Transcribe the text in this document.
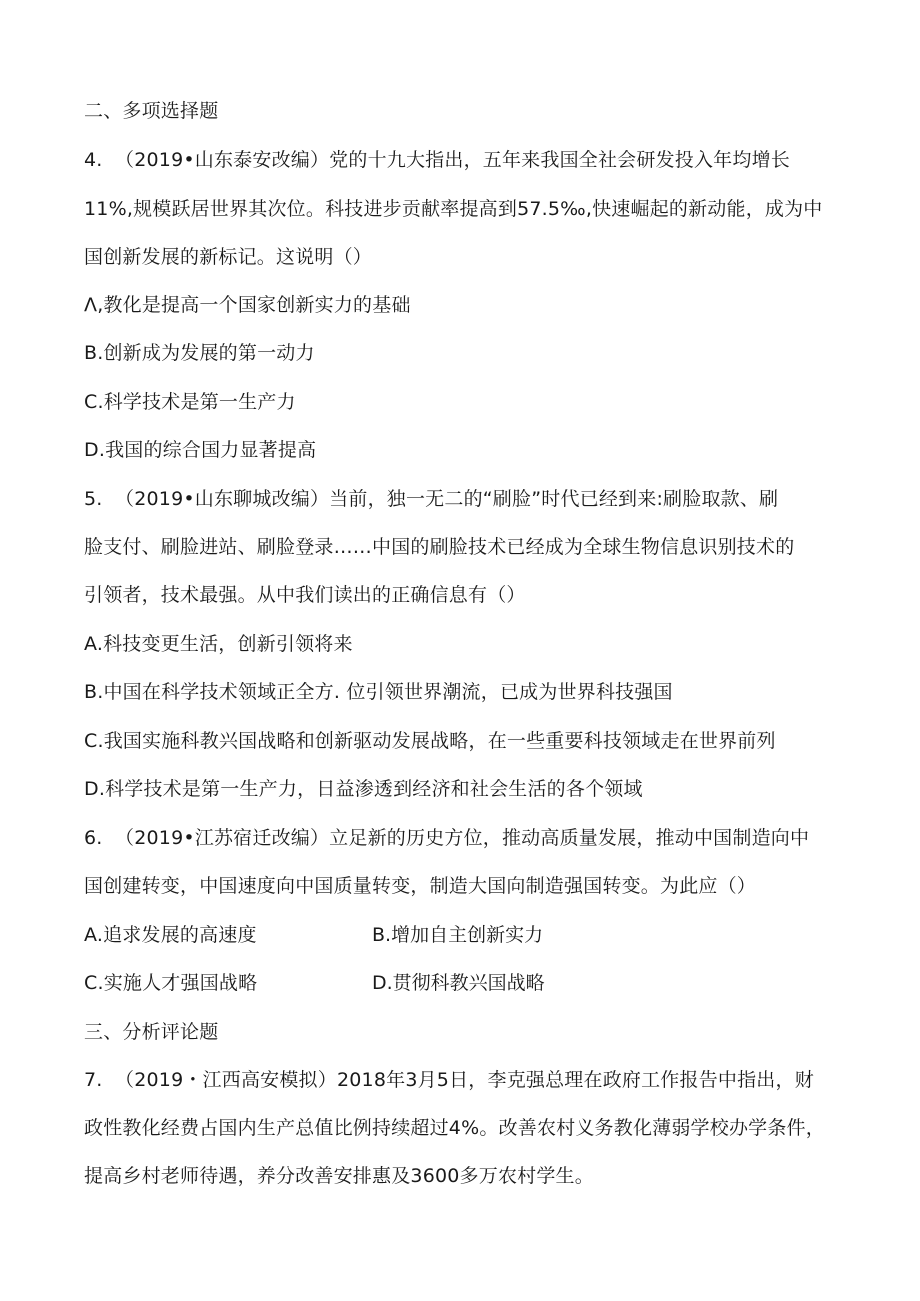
二、多项选择题
4.  （2019•山东泰安改编）党的十九大指出，五年来我国全社会研发投入年均增长
11%,规模跃居世界其次位。科技进步贡献率提高到57.5‰,快速崛起的新动能，成为中
国创新发展的新标记。这说明（）
Λ,教化是提高一个国家创新实力的基础
B.创新成为发展的第一动力
C.科学技术是第一生产力
D.我国的综合国力显著提高
5.  （2019•山东聊城改编）当前，独一无二的“刷脸”时代已经到来:刷脸取款、刷
脸支付、刷脸进站、刷脸登录……中国的刷脸技术已经成为全球生物信息识别技术的
引领者，技术最强。从中我们读出的正确信息有（）
A.科技变更生活，创新引领将来
B.中国在科学技术领域正全方. 位引领世界潮流，已成为世界科技强国
C.我国实施科教兴国战略和创新驱动发展战略，在一些重要科技领域走在世界前列
D.科学技术是第一生产力，日益渗透到经济和社会生活的各个领域
6.  （2019•江苏宿迁改编）立足新的历史方位，推动高质量发展，推动中国制造向中
国创建转变，中国速度向中国质量转变，制造大国向制造强国转变。为此应（）
A.追求发展的高速度	B.增加自主创新实力
C.实施人才强国战略	D.贯彻科教兴国战略
三、分析评论题
7.  （2019・江西高安模拟）2018年3月5日，李克强总理在政府工作报告中指出，财
政性教化经费占国内生产总值比例持续超过4%。改善农村义务教化薄弱学校办学条件，
提高乡村老师待遇，养分改善安排惠及3600多万农村学生。
